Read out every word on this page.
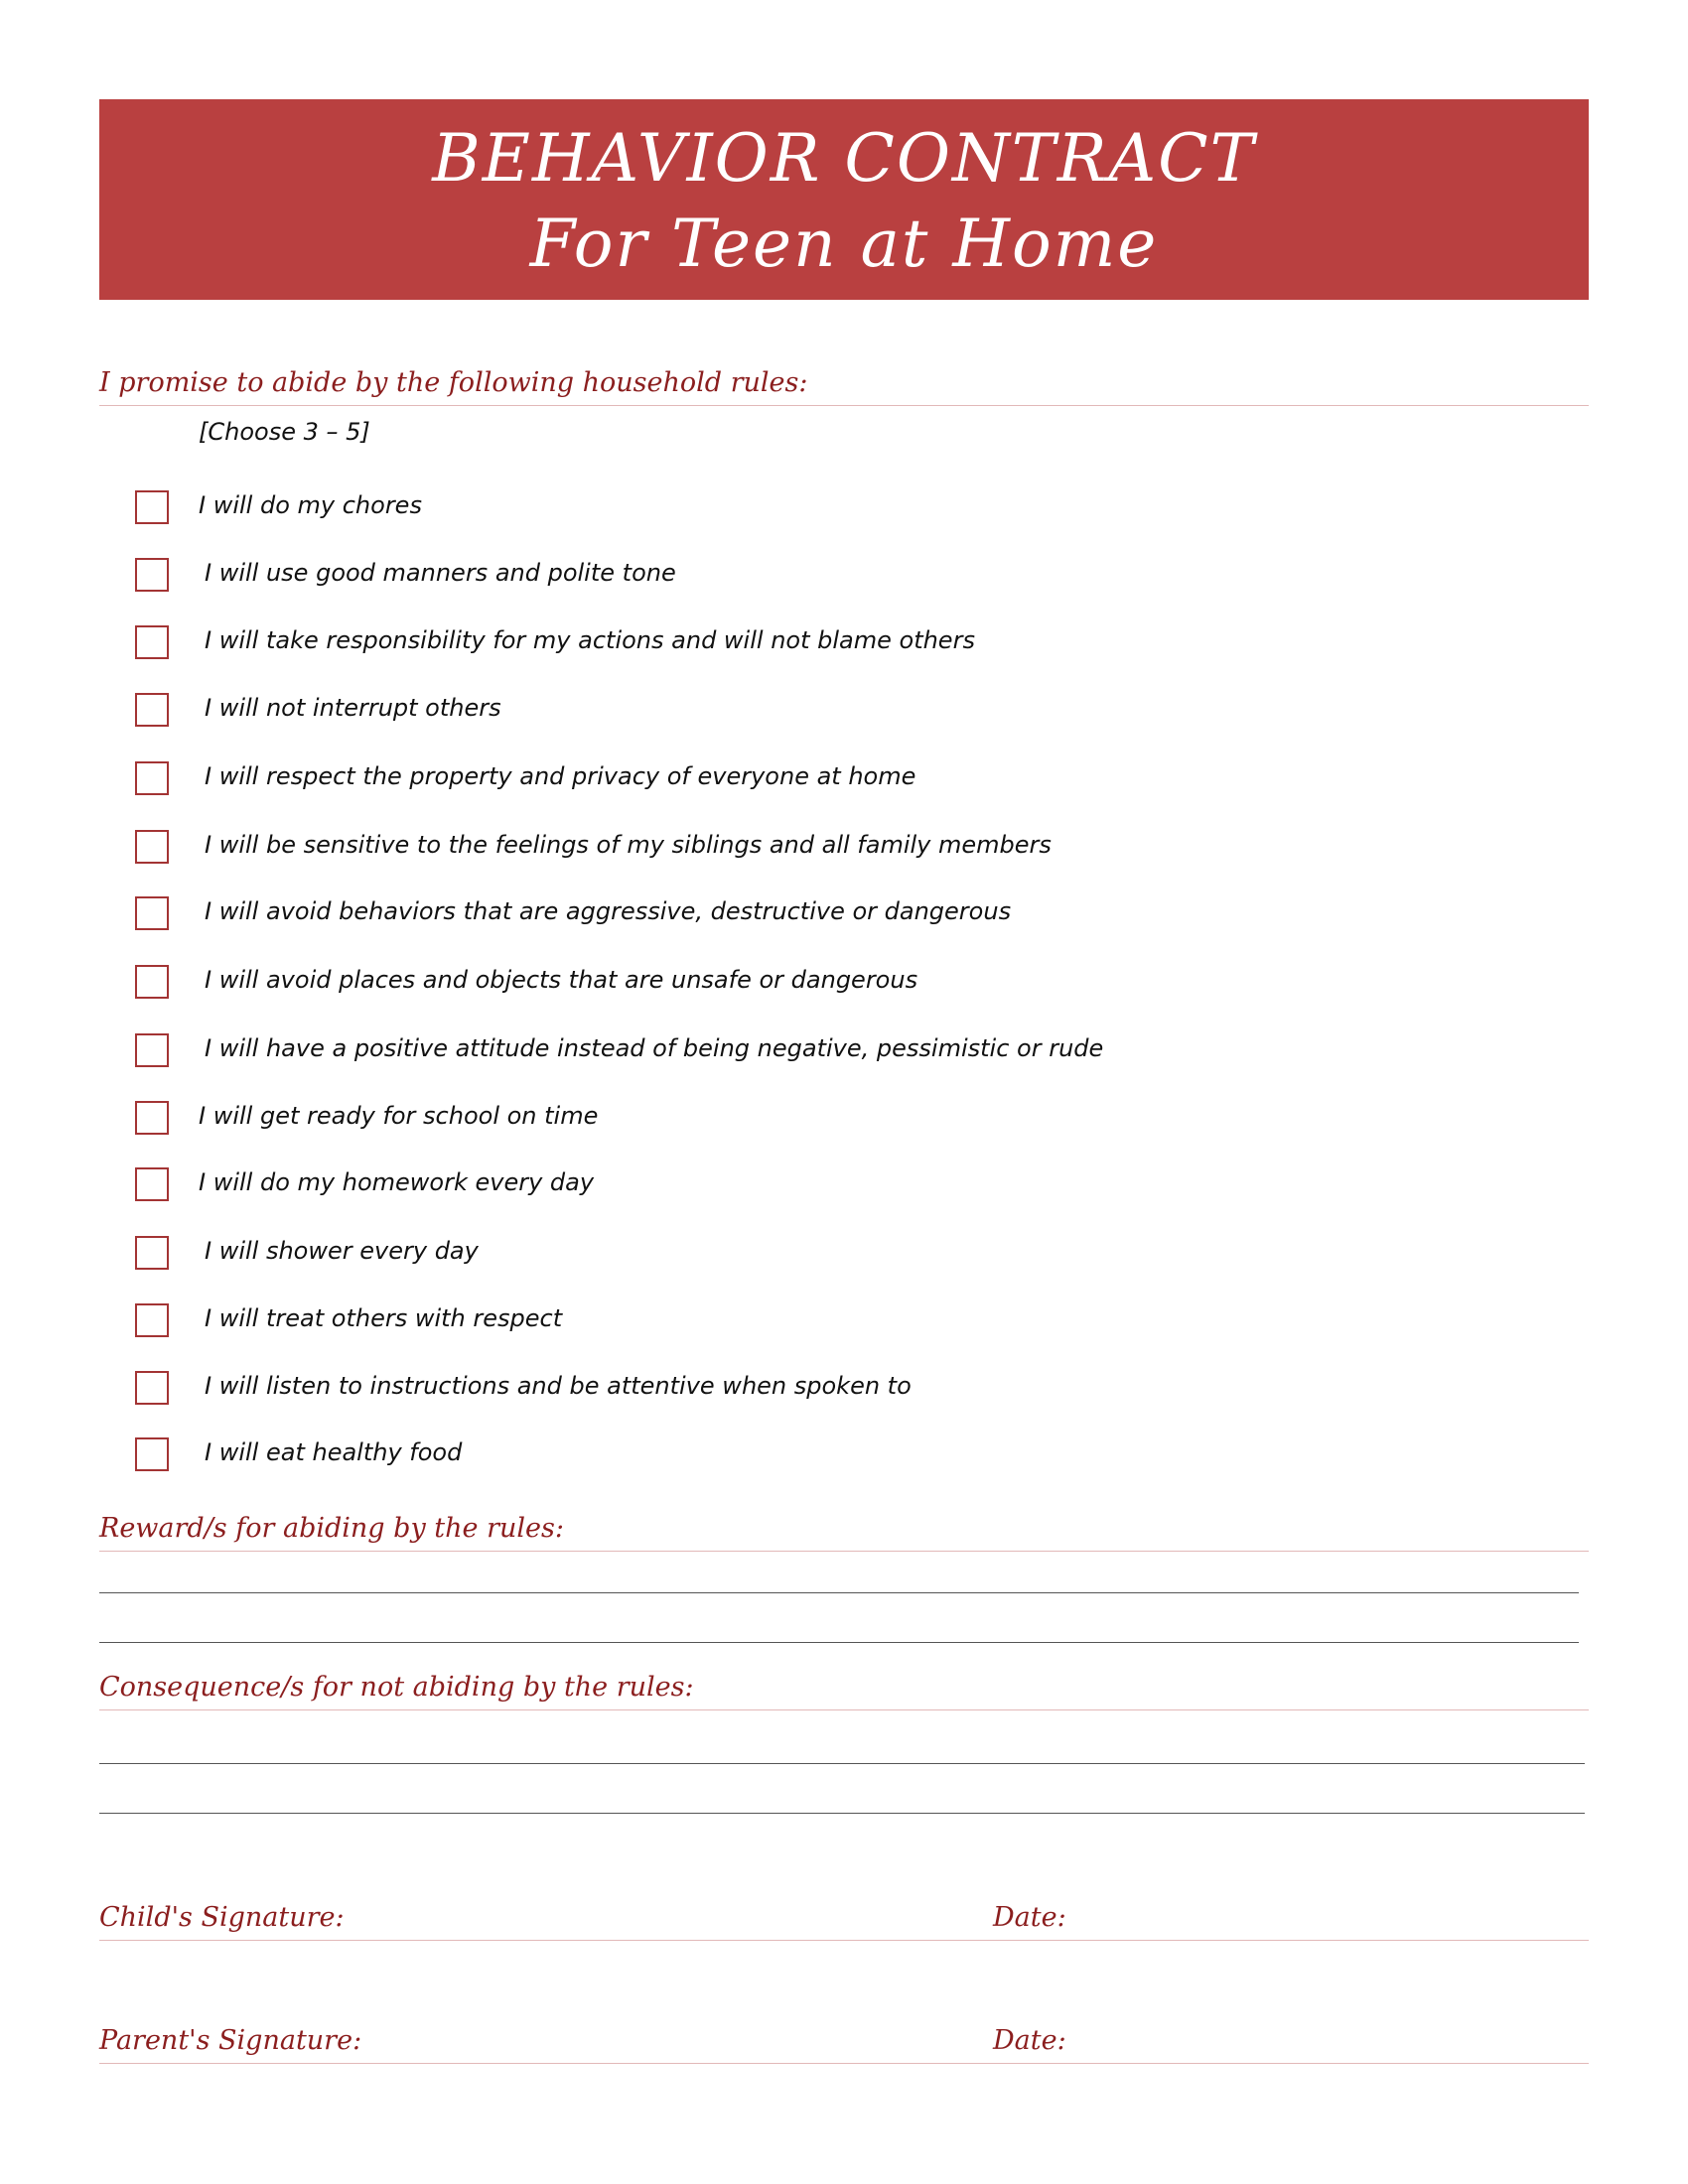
BEHAVIOR CONTRACT
For Teen at Home
I promise to abide by the following household rules:
[Choose 3 – 5]
I will do my chores
I will use good manners and polite tone
I will take responsibility for my actions and will not blame others
I will not interrupt others
I will respect the property and privacy of everyone at home
I will be sensitive to the feelings of my siblings and all family members
I will avoid behaviors that are aggressive, destructive or dangerous
I will avoid places and objects that are unsafe or dangerous
I will have a positive attitude instead of being negative, pessimistic or rude
I will get ready for school on time
I will do my homework every day
I will shower every day
I will treat others with respect
I will listen to instructions and be attentive when spoken to
I will eat healthy food
Reward/s for abiding by the rules:
Consequence/s for not abiding by the rules:
Child's Signature:	Date:
Parent's Signature:	Date:
